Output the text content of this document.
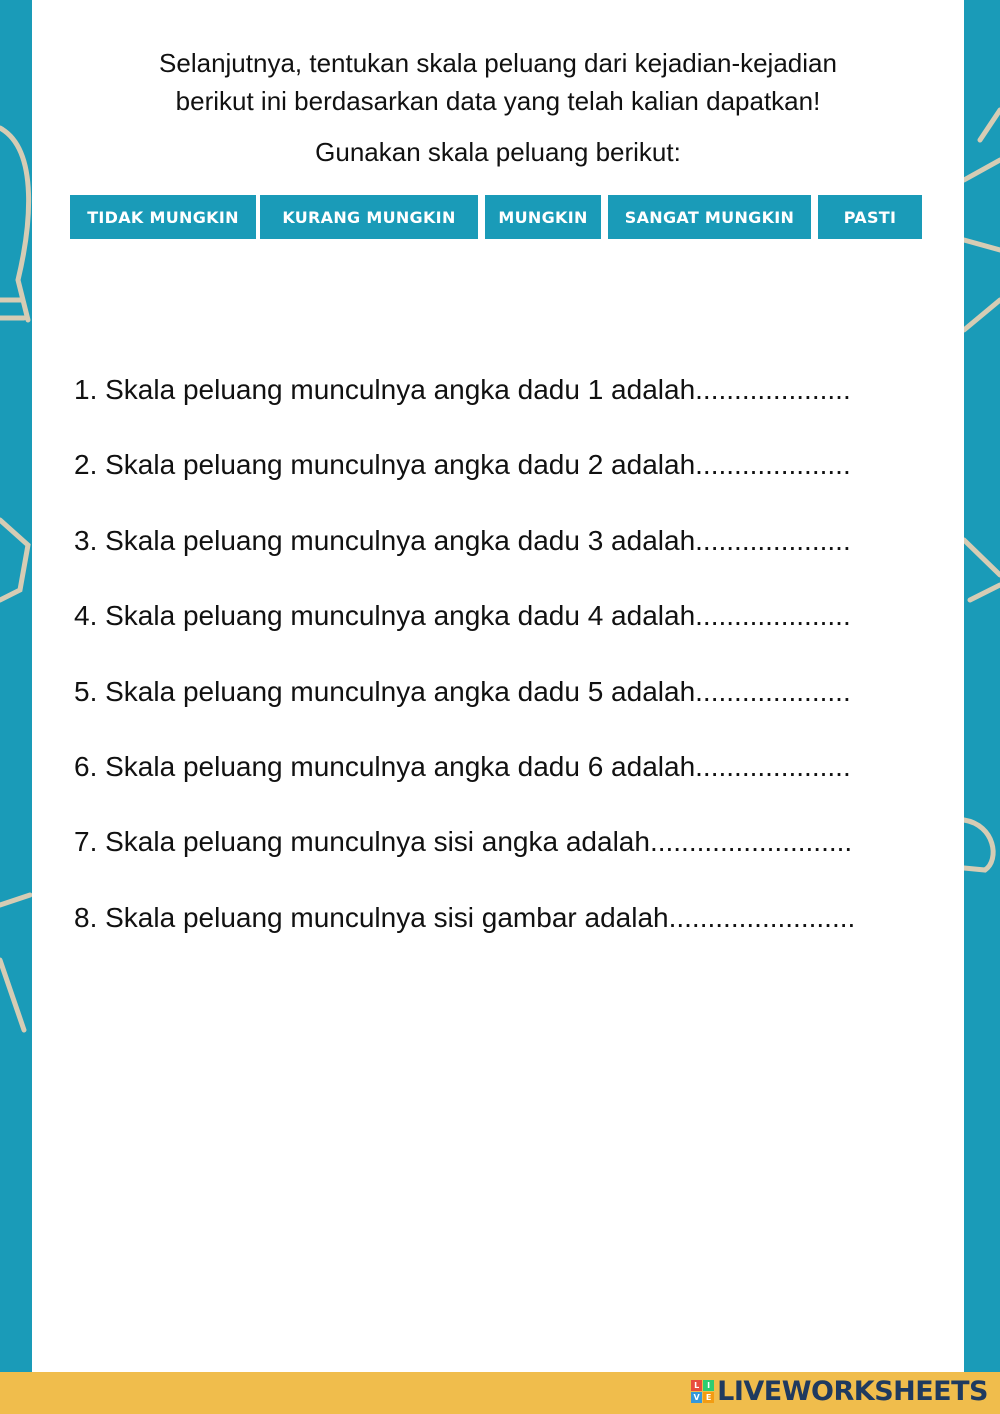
Selanjutnya, tentukan skala peluang dari kejadian-kejadian
berikut ini berdasarkan data yang telah kalian dapatkan!
Gunakan skala peluang berikut:
TIDAK MUNGKIN	KURANG MUNGKIN	MUNGKIN	SANGAT MUNGKIN	PASTI
1. Skala peluang munculnya angka dadu 1 adalah....................
2. Skala peluang munculnya angka dadu 2 adalah....................
3. Skala peluang munculnya angka dadu 3 adalah....................
4. Skala peluang munculnya angka dadu 4 adalah....................
5. Skala peluang munculnya angka dadu 5 adalah....................
6. Skala peluang munculnya angka dadu 6 adalah....................
7. Skala peluang munculnya sisi angka adalah..........................
8. Skala peluang munculnya sisi gambar adalah........................
L I
V E LIVEWORKSHEETS
